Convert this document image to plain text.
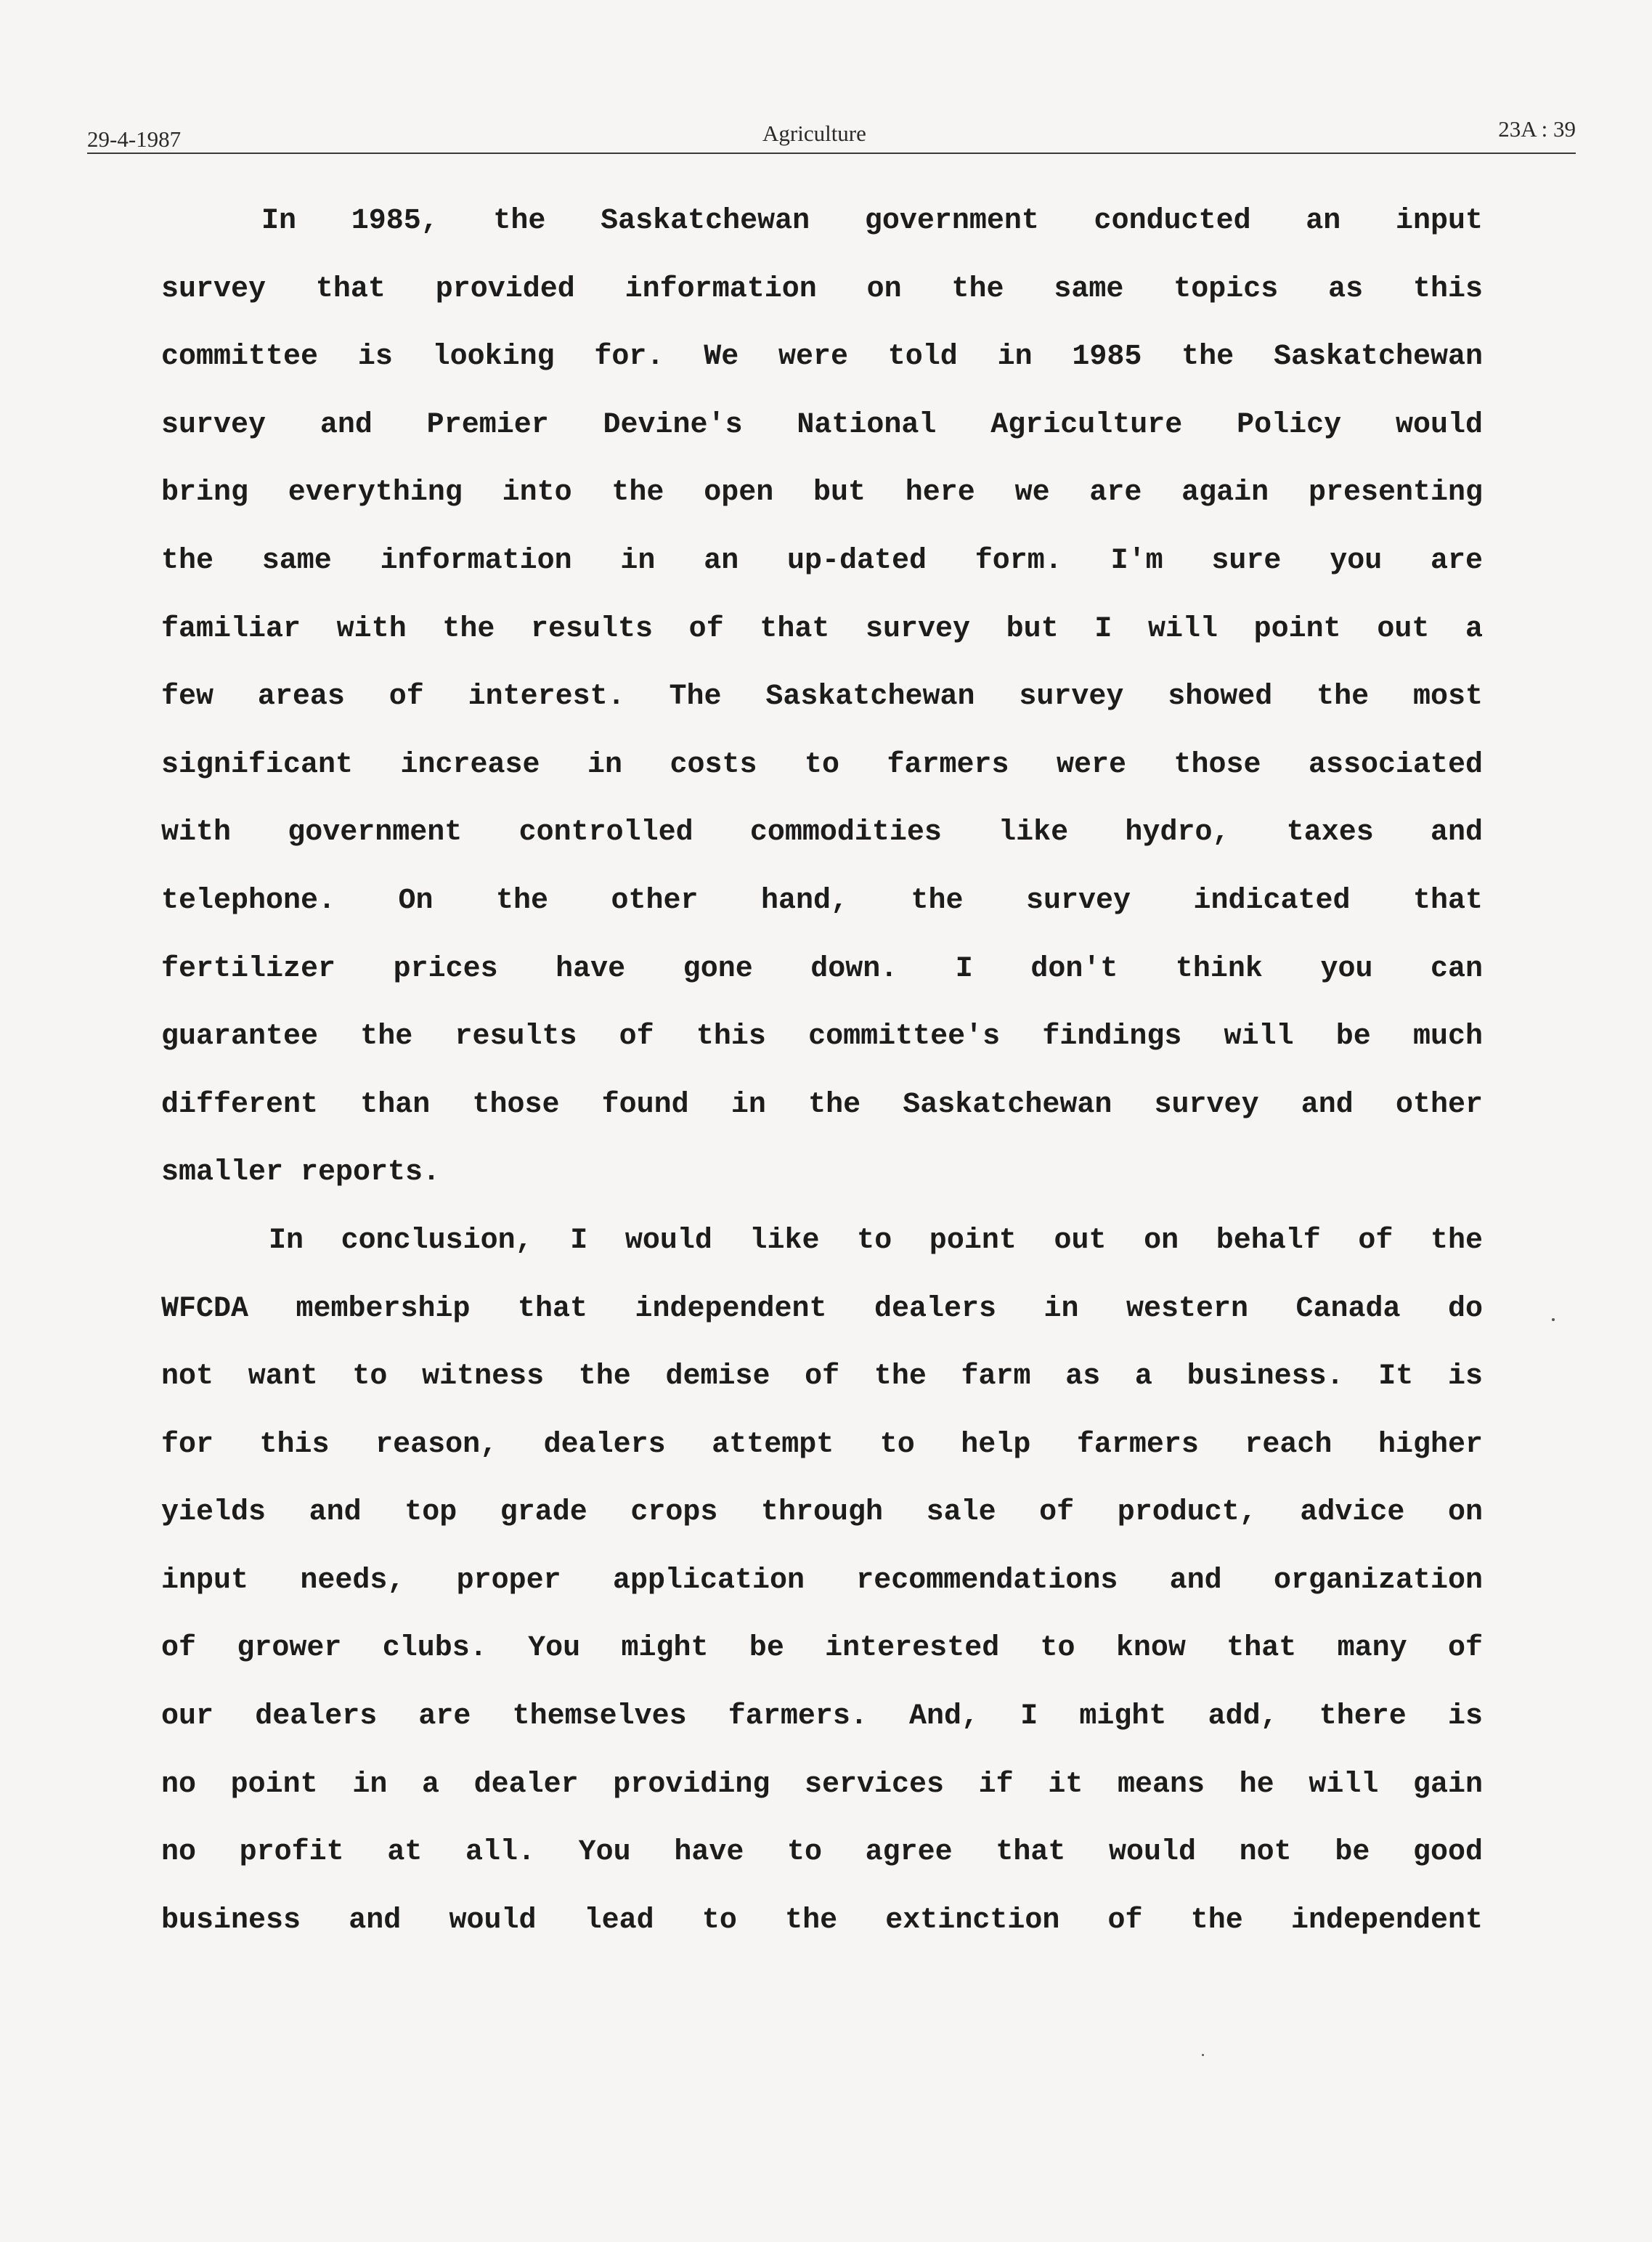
29-4-1987	Agriculture	23A : 39
In 1985, the Saskatchewan government conducted an input
survey that provided information on the same topics as this
committee is looking for. We were told in 1985 the Saskatchewan
survey and Premier Devine's National Agriculture Policy would
bring everything into the open but here we are again presenting
the same information in an up-dated form. I'm sure you are
familiar with the results of that survey but I will point out a
few areas of interest. The Saskatchewan survey showed the most
significant increase in costs to farmers were those associated
with government controlled commodities like hydro, taxes and
telephone. On the other hand, the survey indicated that
fertilizer prices have gone down. I don't think you can
guarantee the results of this committee's findings will be much
different than those found in the Saskatchewan survey and other
smaller reports.
In conclusion, I would like to point out on behalf of the
WFCDA membership that independent dealers in western Canada do
not want to witness the demise of the farm as a business. It is
for this reason, dealers attempt to help farmers reach higher
yields and top grade crops through sale of product, advice on
input needs, proper application recommendations and organization
of grower clubs. You might be interested to know that many of
our dealers are themselves farmers. And, I might add, there is
no point in a dealer providing services if it means he will gain
no profit at all. You have to agree that would not be good
business and would lead to the extinction of the independent
